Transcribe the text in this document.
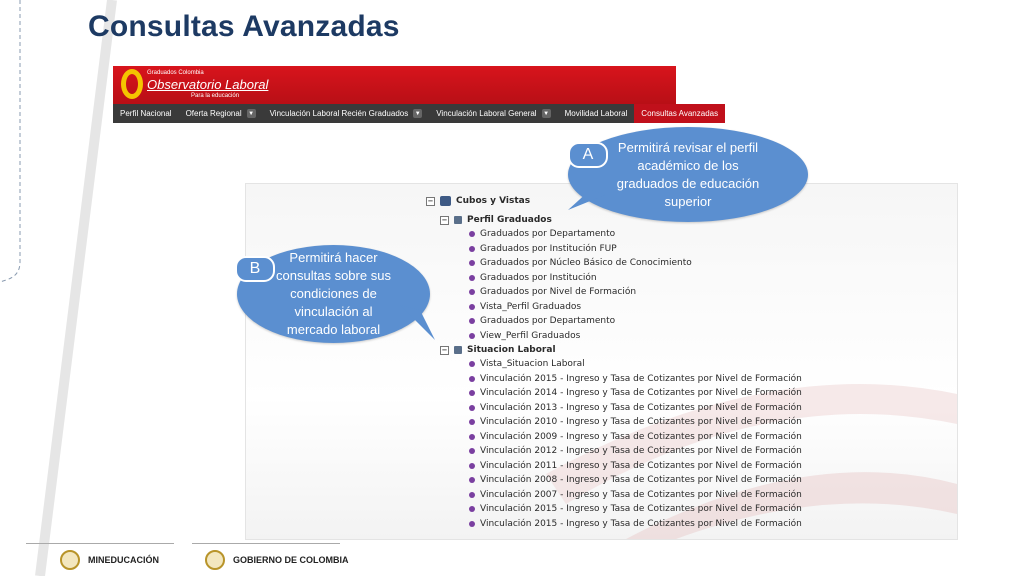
Consultas Avanzadas
Graduados Colombia
Observatorio Laboral
Para la educación
Perfil Nacional Oferta Regional ▼ Vinculación Laboral Recién Graduados ▼ Vinculación Laboral General ▼ Movilidad Laboral Consultas Avanzadas
−	Cubos y Vistas
− Perfil Graduados
Graduados por Departamento
Graduados por Institución FUP
Graduados por Núcleo Básico de Conocimiento
Graduados por Institución
Graduados por Nivel de Formación
Vista_Perfil Graduados
Graduados por Departamento
View_Perfil Graduados
− Situacion Laboral
Vista_Situacion Laboral
Vinculación 2015 - Ingreso y Tasa de Cotizantes por Nivel de Formación
Vinculación 2014 - Ingreso y Tasa de Cotizantes por Nivel de Formación
Vinculación 2013 - Ingreso y Tasa de Cotizantes por Nivel de Formación
Vinculación 2010 - Ingreso y Tasa de Cotizantes por Nivel de Formación
Vinculación 2009 - Ingreso y Tasa de Cotizantes por Nivel de Formación
Vinculación 2012 - Ingreso y Tasa de Cotizantes por Nivel de Formación
Vinculación 2011 - Ingreso y Tasa de Cotizantes por Nivel de Formación
Vinculación 2008 - Ingreso y Tasa de Cotizantes por Nivel de Formación
Vinculación 2007 - Ingreso y Tasa de Cotizantes por Nivel de Formación
Vinculación 2015 - Ingreso y Tasa de Cotizantes por Nivel de Formación
Vinculación 2015 - Ingreso y Tasa de Cotizantes por Nivel de Formación
Permitirá revisar el perfil académico de los graduados de educación superior
A
Permitirá hacer consultas sobre sus condiciones de vinculación al mercado laboral
B
MINEDUCACIÓN	GOBIERNO DE COLOMBIA
